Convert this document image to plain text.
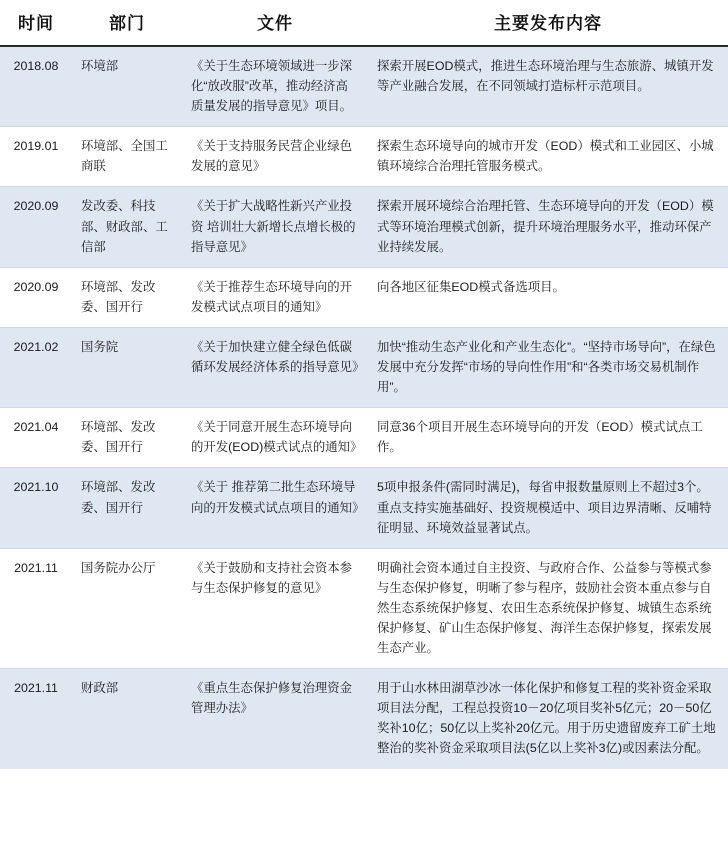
时间	部门	文件	主要发布内容
2018.08	环境部	《关于生态环境领域进一步深化“放改服”改革，推动经济高质量发展的指导意见》项目。	探索开展EOD模式，推进生态环境治理与生态旅游、城镇开发等产业融合发展，在不同领域打造标杆示范项目。
2019.01	环境部、全国工商联	《关于支持服务民营企业绿色发展的意见》	探索生态环境导向的城市开发（EOD）模式和工业园区、小城镇环境综合治理托管服务模式。
2020.09	发改委、科技部、财政部、工信部	《关于扩大战略性新兴产业投资 培训壮大新增长点增长极的指导意见》	探索开展环境综合治理托管、生态环境导向的开发（EOD）模式等环境治理模式创新，提升环境治理服务水平，推动环保产业持续发展。
2020.09	环境部、发改委、国开行	《关于推荐生态环境导向的开发模式试点项目的通知》	向各地区征集EOD模式备选项目。
2021.02	国务院	《关于加快建立健全绿色低碳循环发展经济体系的指导意见》	加快“推动生态产业化和产业生态化”。“坚持市场导向”，在绿色发展中充分发挥“市场的导向性作用”和“各类市场交易机制作用”。
2021.04	环境部、发改委、国开行	《关于同意开展生态环境导向的开发(EOD)模式试点的通知》	同意36个项目开展生态环境导向的开发（EOD）模式试点工作。
2021.10	环境部、发改委、国开行	《关于 推荐第二批生态环境导向的开发模式试点项目的通知》	5项申报条件(需同时满足)，每省申报数量原则上不超过3个。重点支持实施基础好、投资规模适中、项目边界清晰、反哺特征明显、环境效益显著试点。
2021.11	国务院办公厅	《关于鼓励和支持社会资本参与生态保护修复的意见》	明确社会资本通过自主投资、与政府合作、公益参与等模式参与生态保护修复，明晰了参与程序，鼓励社会资本重点参与自然生态系统保护修复、农田生态系统保护修复、城镇生态系统保护修复、矿山生态保护修复、海洋生态保护修复，探索发展生态产业。
2021.11	财政部	《重点生态保护修复治理资金管理办法》	用于山水林田湖草沙冰一体化保护和修复工程的奖补资金采取项目法分配，工程总投资10－20亿项目奖补5亿元；20－50亿奖补10亿；50亿以上奖补20亿元。用于历史遗留废弃工矿土地整治的奖补资金采取项目法(5亿以上奖补3亿)或因素法分配。
